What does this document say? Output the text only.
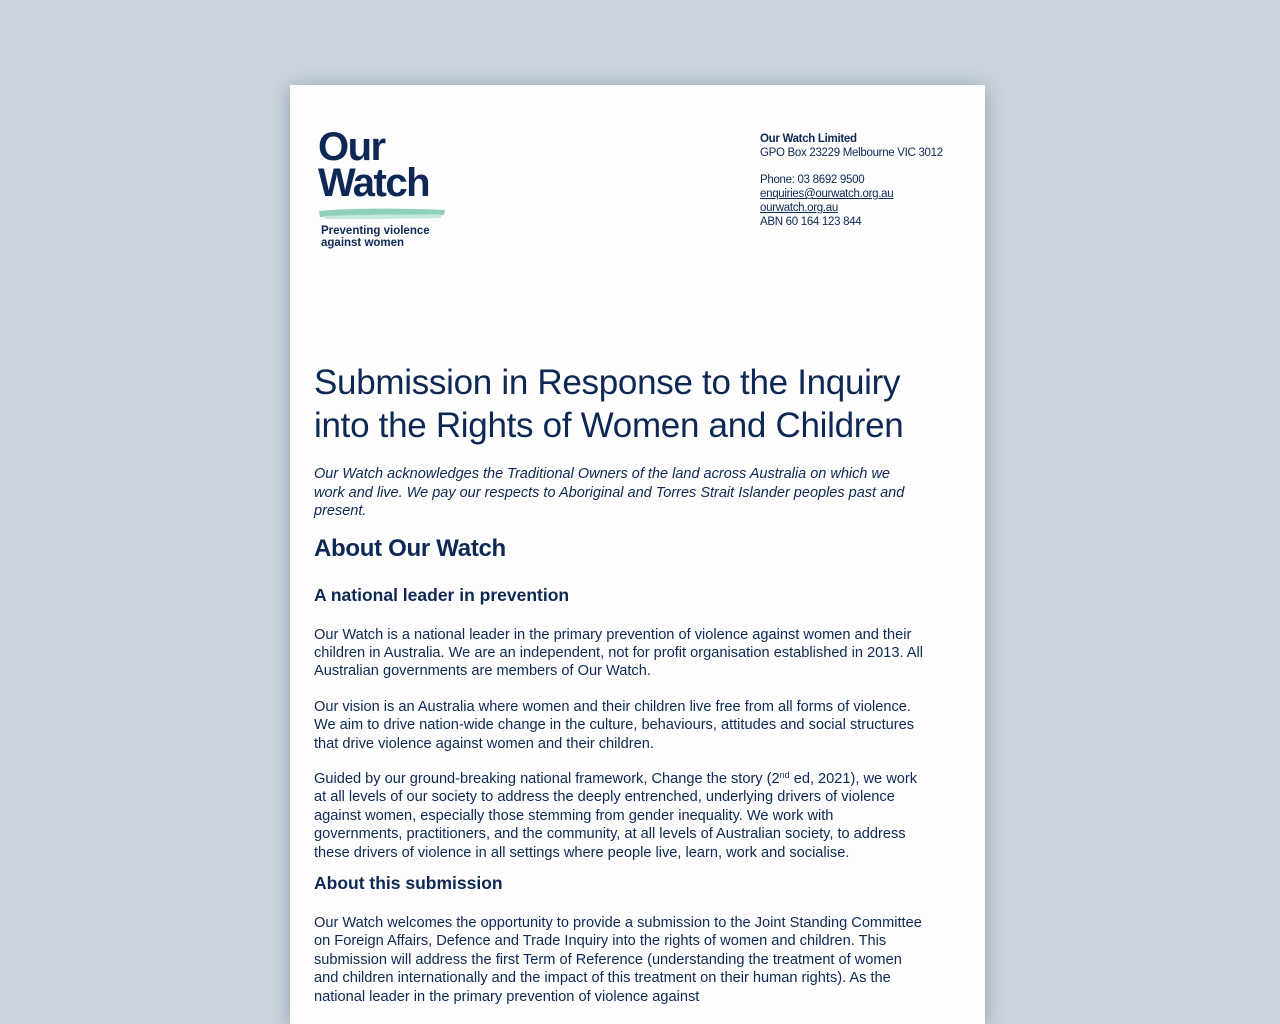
Our
Watch
Preventing violence
against women
Our Watch Limited
GPO Box 23229 Melbourne VIC 3012
Phone: 03 8692 9500
enquiries@ourwatch.org.au
ourwatch.org.au
ABN 60 164 123 844
Submission in Response to the Inquiry
into the Rights of Women and Children

Our Watch acknowledges the Traditional Owners of the land across Australia on which we work and live. We pay our respects to Aboriginal and Torres Strait Islander peoples past and present.

About Our Watch
A national leader in prevention

Our Watch is a national leader in the primary prevention of violence against women and their children in Australia. We are an independent, not for profit organisation established in 2013. All Australian governments are members of Our Watch.

Our vision is an Australia where women and their children live free from all forms of violence. We aim to drive nation-wide change in the culture, behaviours, attitudes and social structures that drive violence against women and their children.

Guided by our ground-breaking national framework, Change the story (2nd ed, 2021), we work at all levels of our society to address the deeply entrenched, underlying drivers of violence against women, especially those stemming from gender inequality. We work with governments, practitioners, and the community, at all levels of Australian society, to address these drivers of violence in all settings where people live, learn, work and socialise.

About this submission

Our Watch welcomes the opportunity to provide a submission to the Joint Standing Committee on Foreign Affairs, Defence and Trade Inquiry into the rights of women and children. This submission will address the first Term of Reference (understanding the treatment of women and children internationally and the impact of this treatment on their human rights). As the national leader in the primary prevention of violence against
